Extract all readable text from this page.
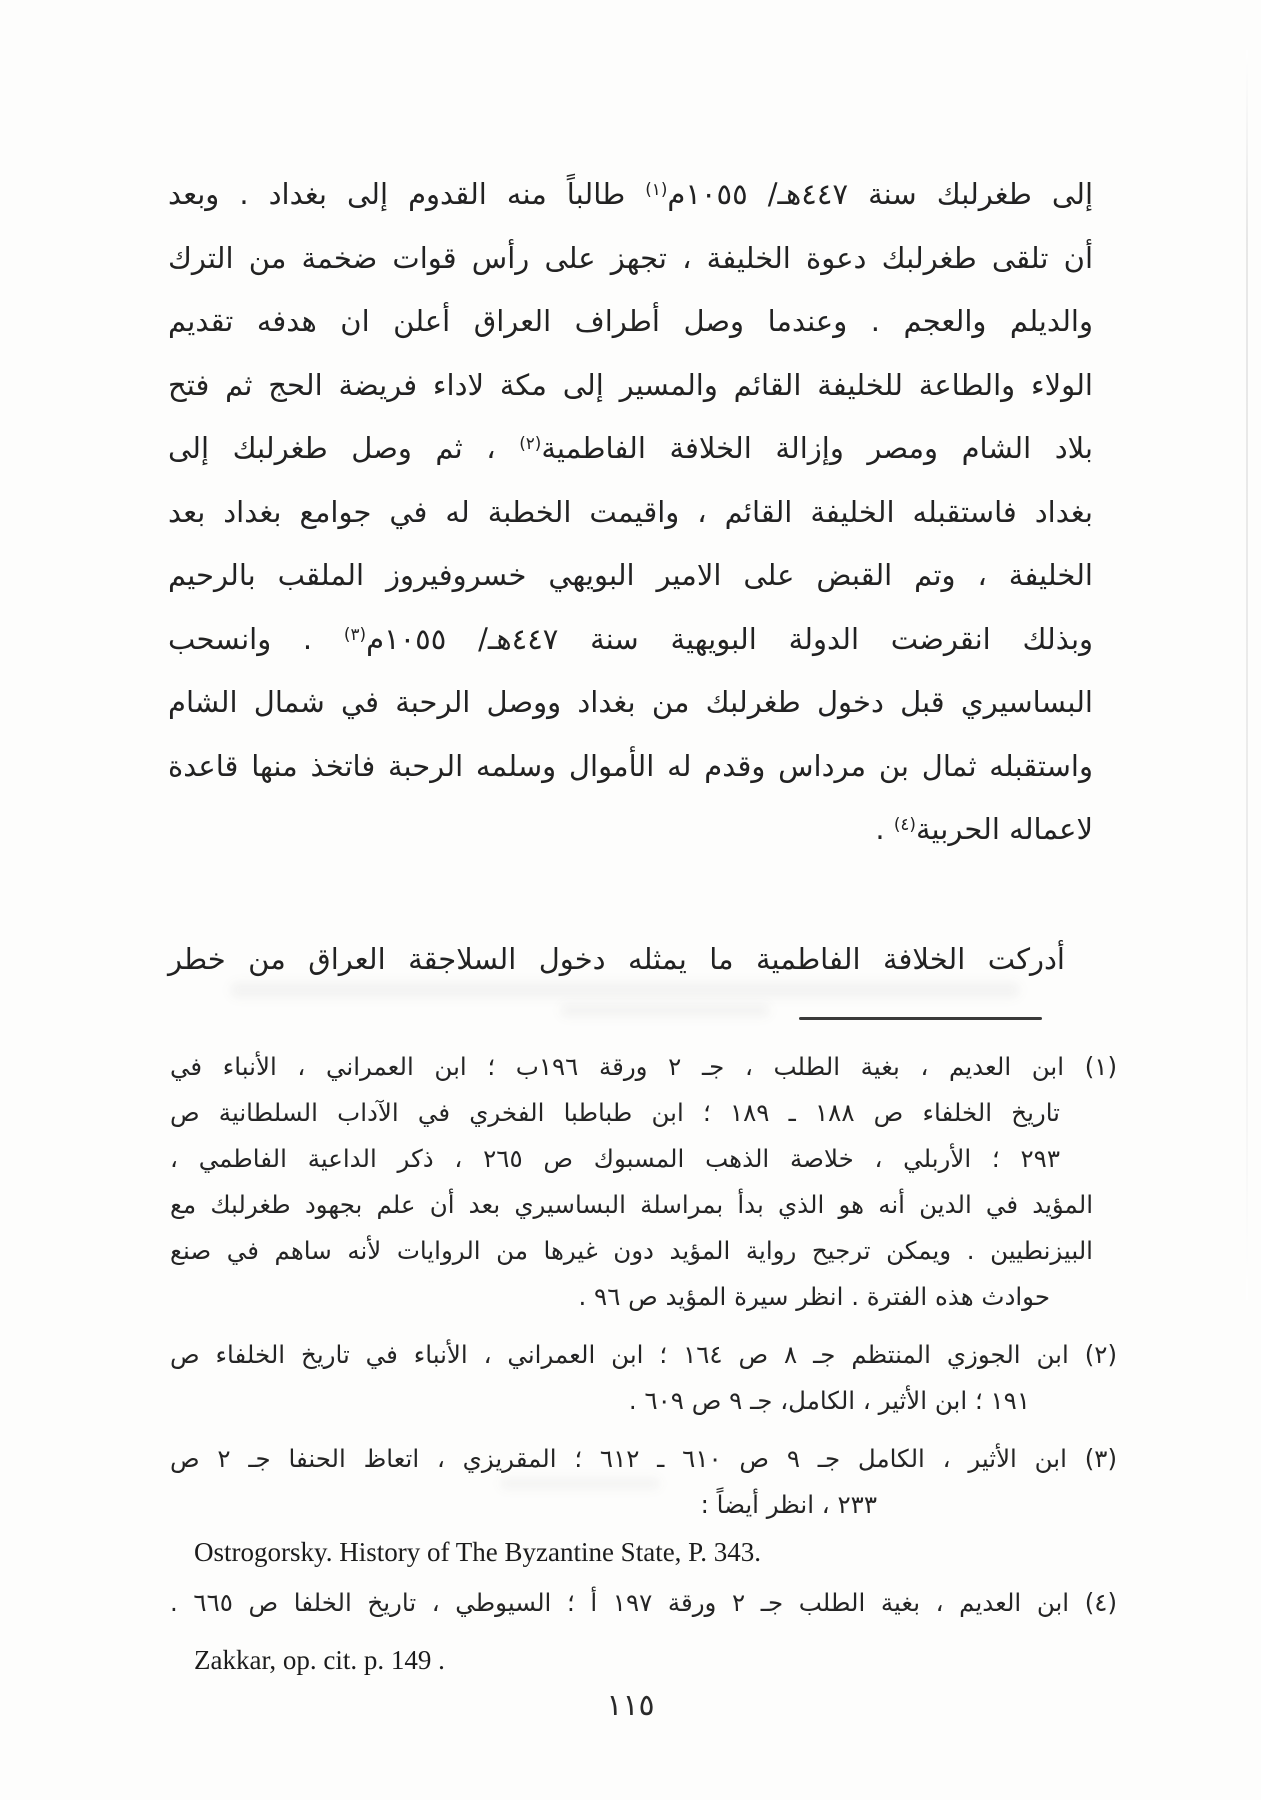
إلى طغرلبك سنة ٤٤٧هـ/ ١٠٥٥م$^{(١)}$ طالباً منه القدوم إلى بغداد . وبعد
أن تلقى طغرلبك دعوة الخليفة ، تجهز على رأس قوات ضخمة من الترك
والديلم والعجم . وعندما وصل أطراف العراق أعلن ان هدفه تقديم
الولاء والطاعة للخليفة القائم والمسير إلى مكة لاداء فريضة الحج ثم فتح
بلاد الشام ومصر وإزالة الخلافة الفاطمية$^{(٢)}$ ، ثم وصل طغرلبك إلى
بغداد فاستقبله الخليفة القائم ، واقيمت الخطبة له في جوامع بغداد بعد
الخليفة ، وتم القبض على الامير البويهي خسروفيروز الملقب بالرحيم
وبذلك انقرضت الدولة البويهية سنة ٤٤٧هـ/ ١٠٥٥م$^{(٣)}$ . وانسحب
البساسيري قبل دخول طغرلبك من بغداد ووصل الرحبة في شمال الشام
واستقبله ثمال بن مرداس وقدم له الأموال وسلمه الرحبة فاتخذ منها قاعدة
لاعماله الحربية$^{(٤)}$ .
أدركت الخلافة الفاطمية ما يمثله دخول السلاجقة العراق من خطر
(١) ابن العديم ، بغية الطلب ، جـ ٢ ورقة ١٩٦ب ؛ ابن العمراني ، الأنباء في
تاريخ الخلفاء ص ١٨٨ ـ ١٨٩ ؛ ابن طباطبا الفخري في الآداب السلطانية ص
٢٩٣ ؛ الأربلي ، خلاصة الذهب المسبوك ص ٢٦٥ ، ذكر الداعية الفاطمي ،
المؤيد في الدين أنه هو الذي بدأ بمراسلة البساسيري بعد أن علم بجهود طغرلبك مع
البيزنطيين . ويمكن ترجيح رواية المؤيد دون غيرها من الروايات لأنه ساهم في صنع
حوادث هذه الفترة . انظر سيرة المؤيد ص ٩٦ .
(٢) ابن الجوزي المنتظم جـ ٨ ص ١٦٤ ؛ ابن العمراني ، الأنباء في تاريخ الخلفاء ص
١٩١ ؛ ابن الأثير ، الكامل، جـ ٩ ص ٦٠٩ .
(٣) ابن الأثير ، الكامل جـ ٩ ص ٦١٠ ـ ٦١٢ ؛ المقريزي ، اتعاظ الحنفا جـ ٢ ص
٢٣٣ ، انظر أيضاً :
Ostrogorsky. History of The Byzantine State, P. 343.
(٤) ابن العديم ، بغية الطلب جـ ٢ ورقة ١٩٧ أ ؛ السيوطي ، تاريخ الخلفا ص ٦٦٥ .
Zakkar, op. cit. p. 149 .
١١٥
